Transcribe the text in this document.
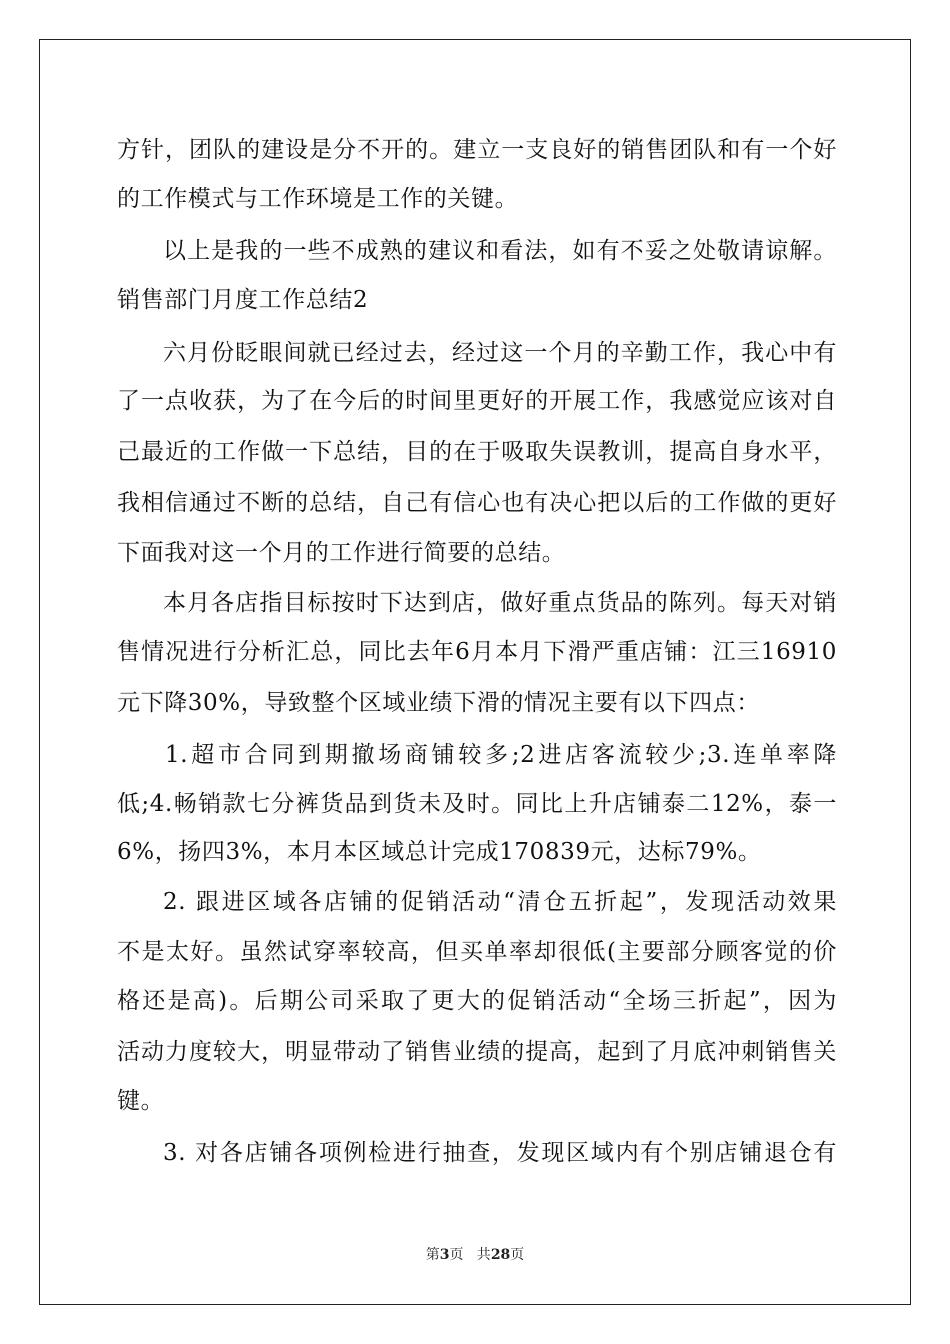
方针，团队的建设是分不开的。建立一支良好的销售团队和有一个好
的工作模式与工作环境是工作的关键。
以上是我的一些不成熟的建议和看法，如有不妥之处敬请谅解。
销售部门月度工作总结2
六月份眨眼间就已经过去，经过这一个月的辛勤工作，我心中有
了一点收获，为了在今后的时间里更好的开展工作，我感觉应该对自
己最近的工作做一下总结，目的在于吸取失误教训，提高自身水平，
我相信通过不断的总结，自己有信心也有决心把以后的工作做的更好
下面我对这一个月的工作进行简要的总结。
本月各店指目标按时下达到店，做好重点货品的陈列。每天对销
售情况进行分析汇总，同比去年6月本月下滑严重店铺：江三16910
元下降30%，导致整个区域业绩下滑的情况主要有以下四点：
1.超市合同到期撤场商铺较多;2进店客流较少;3.连单率降
低;4.畅销款七分裤货品到货未及时。同比上升店铺泰二12%，泰一
6%，扬四3%，本月本区域总计完成170839元，达标79%。
2. 跟进区域各店铺的促销活动“清仓五折起”，发现活动效果
不是太好。虽然试穿率较高，但买单率却很低(主要部分顾客觉的价
格还是高)。后期公司采取了更大的促销活动“全场三折起”，因为
活动力度较大，明显带动了销售业绩的提高，起到了月底冲刺销售关
键。
3. 对各店铺各项例检进行抽查，发现区域内有个别店铺退仓有
第3页   共28页
